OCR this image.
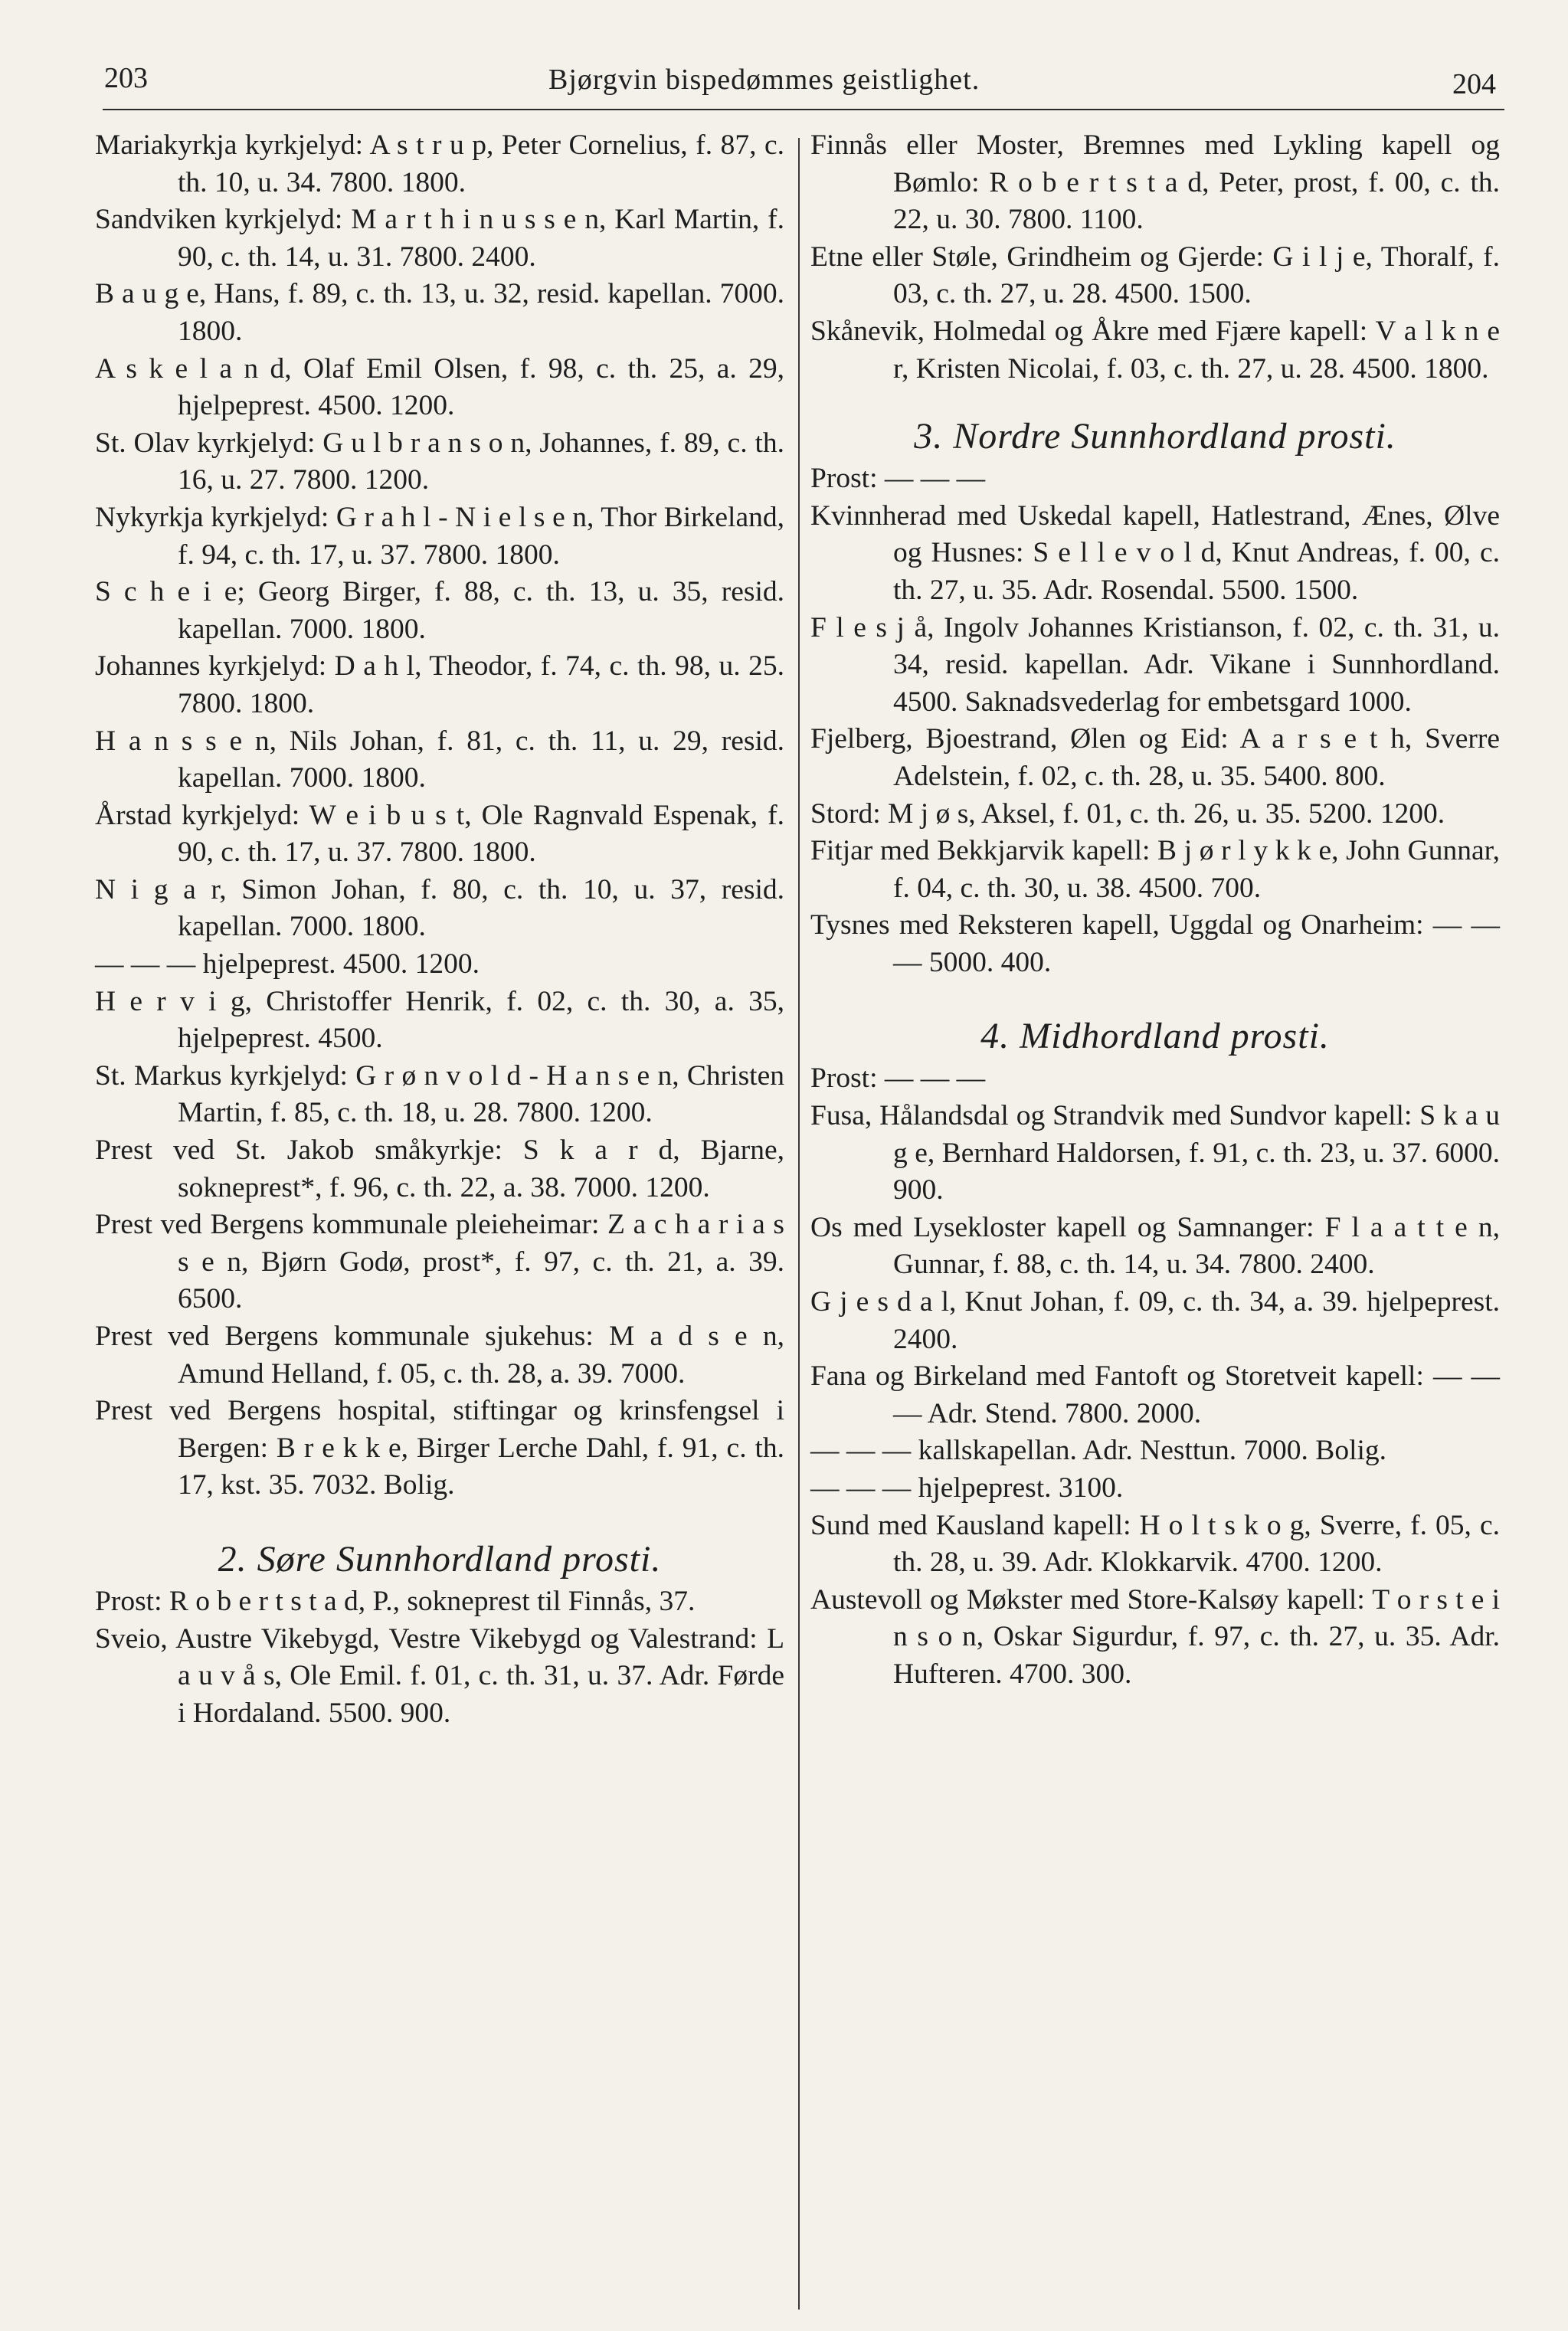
203	Bjørgvin bispedømmes geistlighet.	204

Mariakyrkja kyrkjelyd: A s t r u p, Peter Cornelius, f. 87, c. th. 10, u. 34. 7800. 1800.

Sandviken kyrkjelyd: M a r t h i n u s s e n, Karl Martin, f. 90, c. th. 14, u. 31. 7800. 2400.

B a u g e, Hans, f. 89, c. th. 13, u. 32, resid. kapellan. 7000. 1800.

A s k e l a n d, Olaf Emil Olsen, f. 98, c. th. 25, a. 29, hjelpeprest. 4500. 1200.

St. Olav kyrkjelyd: G u l b r a n s o n, Johannes, f. 89, c. th. 16, u. 27. 7800. 1200.

Nykyrkja kyrkjelyd: G r a h l - N i e l s e n, Thor Birkeland, f. 94, c. th. 17, u. 37. 7800. 1800.

S c h e i e; Georg Birger, f. 88, c. th. 13, u. 35, resid. kapellan. 7000. 1800.

Johannes kyrkjelyd: D a h l, Theodor, f. 74, c. th. 98, u. 25. 7800. 1800.

H a n s s e n, Nils Johan, f. 81, c. th. 11, u. 29, resid. kapellan. 7000. 1800.

Årstad kyrkjelyd: W e i b u s t, Ole Ragnvald Espenak, f. 90, c. th. 17, u. 37. 7800. 1800.

N i g a r, Simon Johan, f. 80, c. th. 10, u. 37, resid. kapellan. 7000. 1800.

— — — hjelpeprest. 4500. 1200.

H e r v i g, Christoffer Henrik, f. 02, c. th. 30, a. 35, hjelpeprest. 4500.

St. Markus kyrkjelyd: G r ø n v o l d - H a n s e n, Christen Martin, f. 85, c. th. 18, u. 28. 7800. 1200.

Prest ved St. Jakob småkyrkje: S k a r d, Bjarne, sokneprest*, f. 96, c. th. 22, a. 38. 7000. 1200.

Prest ved Bergens kommunale pleieheimar: Z a c h a r i a s s e n, Bjørn Godø, prost*, f. 97, c. th. 21, a. 39. 6500.

Prest ved Bergens kommunale sjukehus: M a d s e n, Amund Helland, f. 05, c. th. 28, a. 39. 7000.

Prest ved Bergens hospital, stiftingar og krinsfengsel i Bergen: B r e k k e, Birger Lerche Dahl, f. 91, c. th. 17, kst. 35. 7032. Bolig.

2. Søre Sunnhordland prosti.

Prost: R o b e r t s t a d, P., sokneprest til Finnås, 37.

Sveio, Austre Vikebygd, Vestre Vikebygd og Valestrand: L a u v å s, Ole Emil. f. 01, c. th. 31, u. 37. Adr. Førde i Hordaland. 5500. 900.

Finnås eller Moster, Bremnes med Lykling kapell og Bømlo: R o b e r t s t a d, Peter, prost, f. 00, c. th. 22, u. 30. 7800. 1100.

Etne eller Støle, Grindheim og Gjerde: G i l j e, Thoralf, f. 03, c. th. 27, u. 28. 4500. 1500.

Skånevik, Holmedal og Åkre med Fjære kapell: V a l k n e r, Kristen Nicolai, f. 03, c. th. 27, u. 28. 4500. 1800.

3. Nordre Sunnhordland prosti.

Prost: — — —

Kvinnherad med Uskedal kapell, Hatlestrand, Ænes, Ølve og Husnes: S e l l e v o l d, Knut Andreas, f. 00, c. th. 27, u. 35. Adr. Rosendal. 5500. 1500.

F l e s j å, Ingolv Johannes Kristianson, f. 02, c. th. 31, u. 34, resid. kapellan. Adr. Vikane i Sunnhordland. 4500. Saknadsvederlag for embetsgard 1000.

Fjelberg, Bjoestrand, Ølen og Eid: A a r s e t h, Sverre Adelstein, f. 02, c. th. 28, u. 35. 5400. 800.

Stord: M j ø s, Aksel, f. 01, c. th. 26, u. 35. 5200. 1200.

Fitjar med Bekkjarvik kapell: B j ø r l y k k e, John Gunnar, f. 04, c. th. 30, u. 38. 4500. 700.

Tysnes med Reksteren kapell, Uggdal og Onarheim: — — — 5000. 400.

4. Midhordland prosti.

Prost: — — —

Fusa, Hålandsdal og Strandvik med Sundvor kapell: S k a u g e, Bernhard Haldorsen, f. 91, c. th. 23, u. 37. 6000. 900.

Os med Lysekloster kapell og Samnanger: F l a a t t e n, Gunnar, f. 88, c. th. 14, u. 34. 7800. 2400.

G j e s d a l, Knut Johan, f. 09, c. th. 34, a. 39. hjelpeprest. 2400.

Fana og Birkeland med Fantoft og Storetveit kapell: — — — Adr. Stend. 7800. 2000.

— — — kallskapellan. Adr. Nesttun. 7000. Bolig.

— — — hjelpeprest. 3100.

Sund med Kausland kapell: H o l t s k o g, Sverre, f. 05, c. th. 28, u. 39. Adr. Klokkarvik. 4700. 1200.

Austevoll og Møkster med Store-Kalsøy kapell: T o r s t e i n s o n, Oskar Sigurdur, f. 97, c. th. 27, u. 35. Adr. Hufteren. 4700. 300.
